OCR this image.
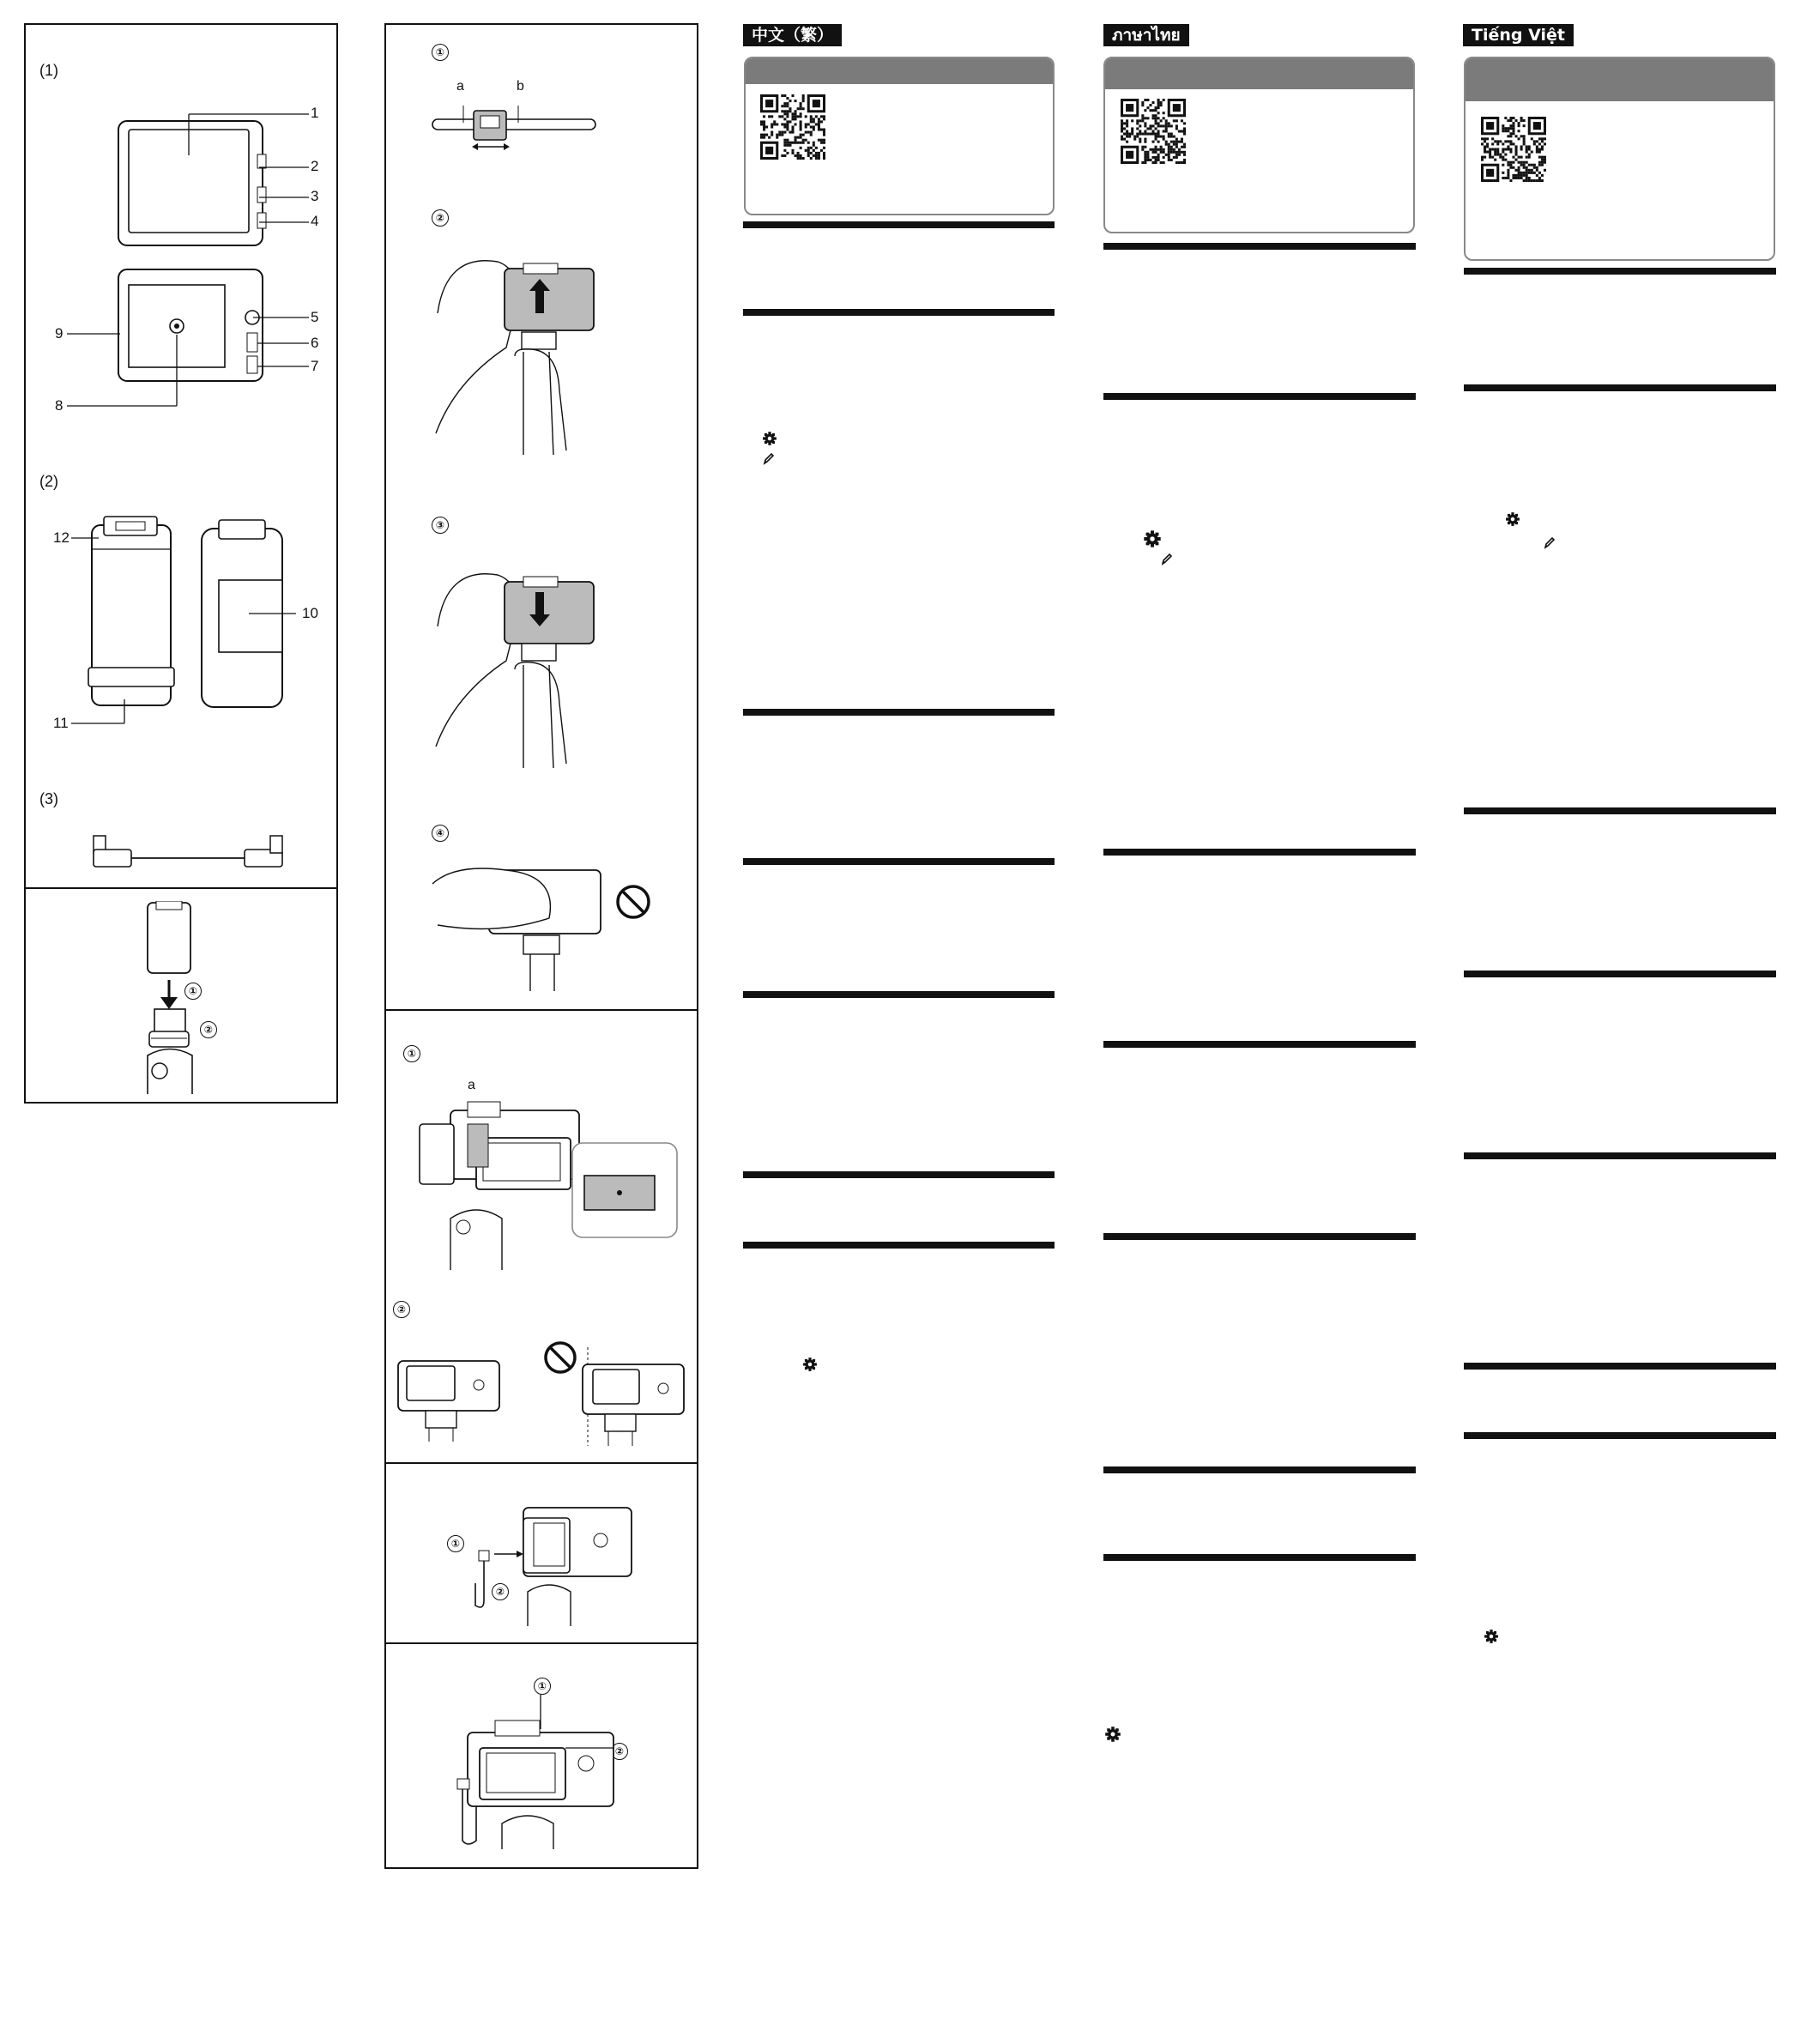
(1)
(2)
(3)
1
2
3
4
5
6
7
8
9
12
10
11
①
②
①
a	b
②
③
④
①
a
②
①
②
①
②
中文（繁）	ภาษาไทย	Tiếng Việt
